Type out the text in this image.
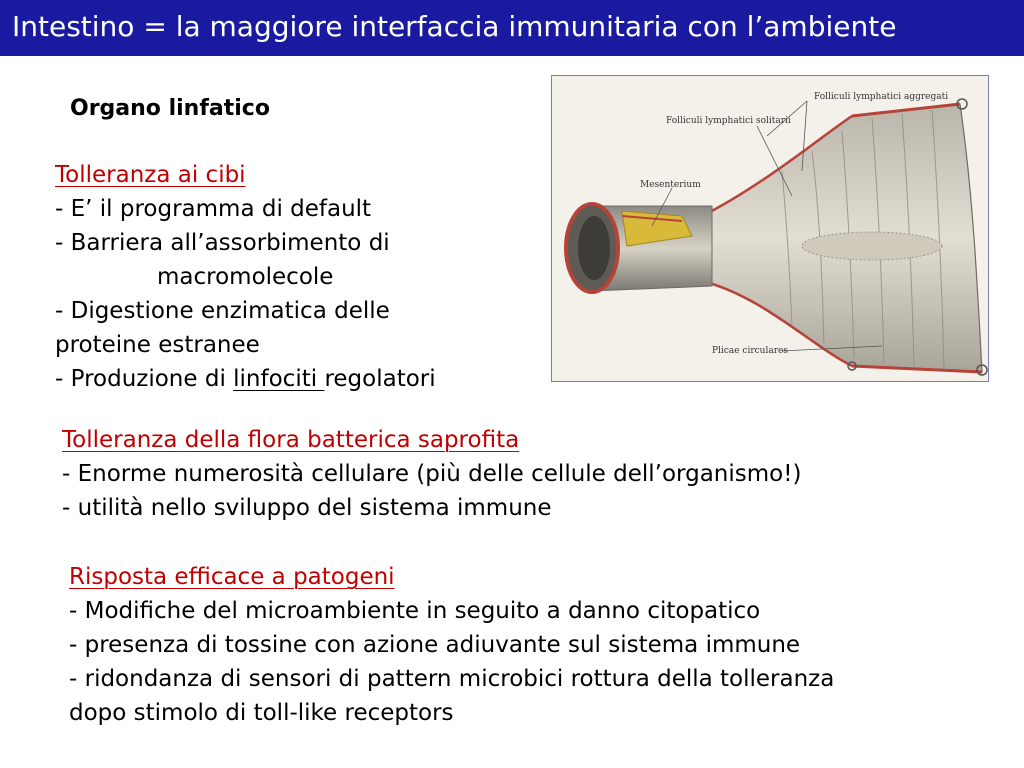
Intestino = la maggiore interfaccia immunitaria con l’ambiente
Organo linfatico
Tolleranza ai cibi
- E’ il programma di default
- Barriera all’assorbimento di
macromolecole
- Digestione enzimatica delle
proteine estranee
- Produzione di linfociti regolatori
Folliculi lymphatici aggregati
Folliculi lymphatici solitarii
Mesenterium
Plicae circulares
Tolleranza della flora batterica saprofita
- Enorme numerosità cellulare (più delle cellule dell’organismo!)
- utilità nello sviluppo del sistema immune
Risposta efficace a patogeni
- Modifiche del microambiente in seguito a danno citopatico
- presenza di tossine con azione adiuvante sul sistema immune
- ridondanza di sensori di pattern microbici rottura della tolleranza
dopo stimolo di toll-like receptors
